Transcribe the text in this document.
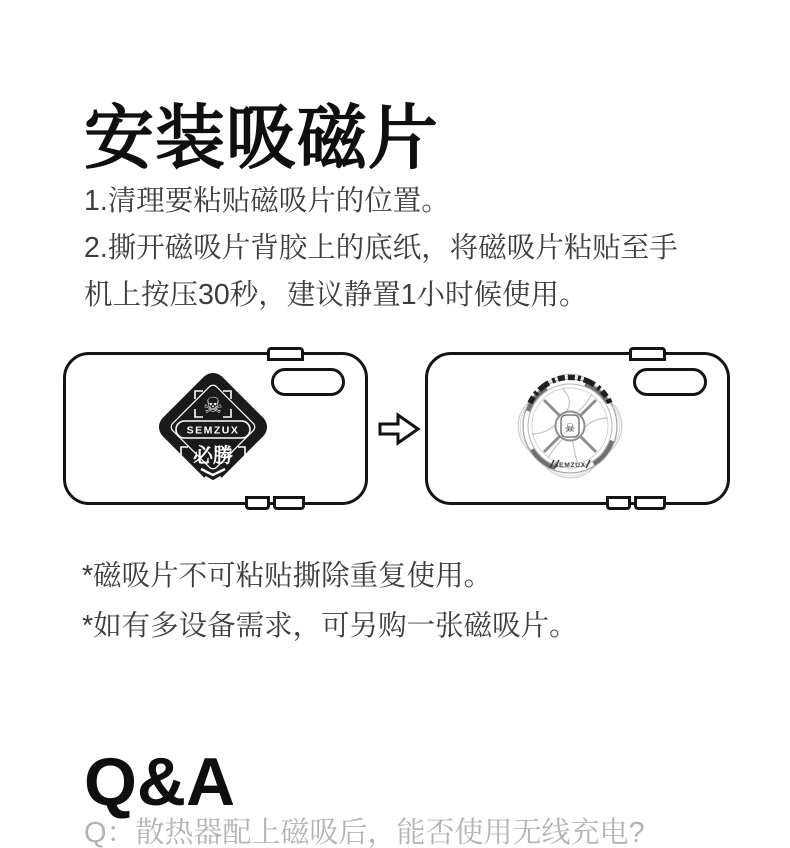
安装吸磁片
1.清理要粘贴磁吸片的位置。
2.撕开磁吸片背胶上的底纸，将磁吸片粘贴至手
机上按压30秒，建议静置1小时候使用。
☠
SEMZUX
必勝
☠
SEMZUX
*磁吸片不可粘贴撕除重复使用。
*如有多设备需求，可另购一张磁吸片。
Q&A
Q：散热器配上磁吸后，能否使用无线充电?
